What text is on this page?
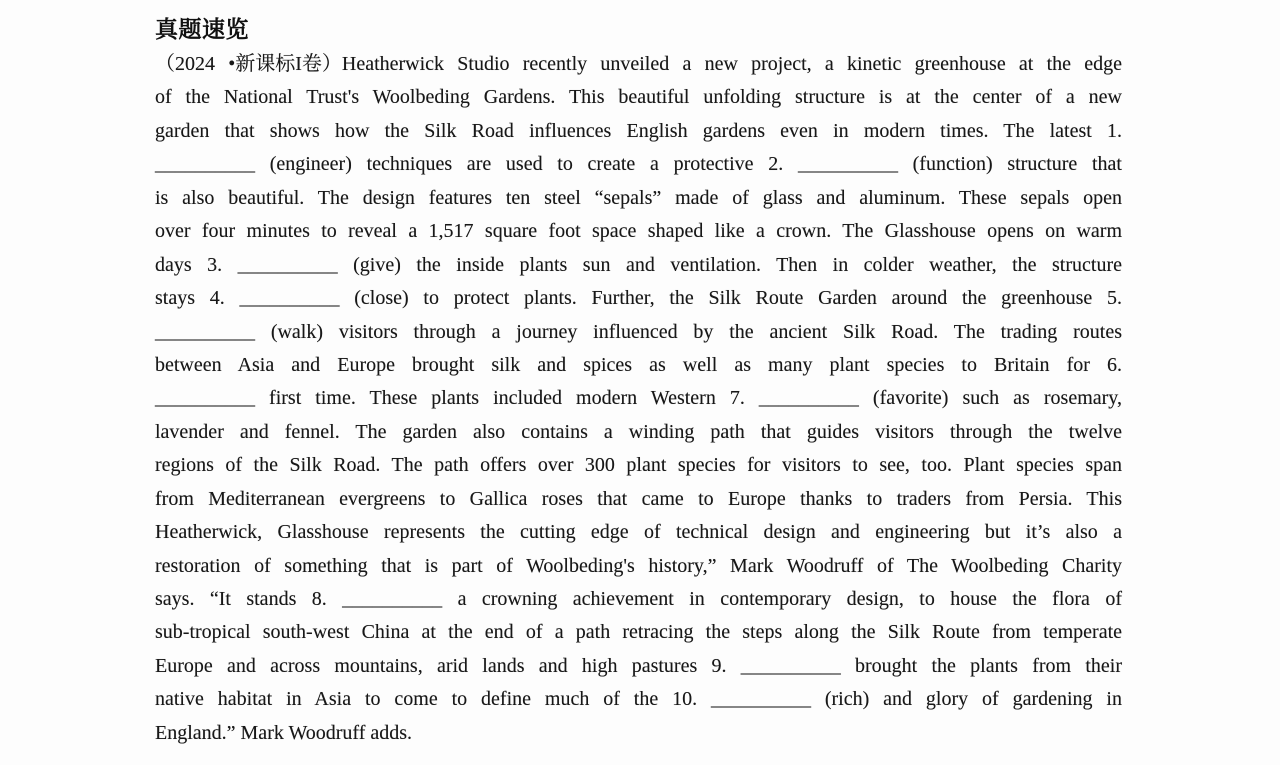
真题速览
（2024 •新课标I卷）Heatherwick Studio recently unveiled a new project, a kinetic greenhouse at the edge
of the National Trust's Woolbeding Gardens. This beautiful unfolding structure is at the center of a new
garden that shows how the Silk Road influences English gardens even in modern times. The latest 1.
__________ (engineer) techniques are used to create a protective 2. __________ (function) structure that
is also beautiful. The design features ten steel “sepals” made of glass and aluminum. These sepals open
over four minutes to reveal a 1,517 square foot space shaped like a crown. The Glasshouse opens on warm
days 3. __________ (give) the inside plants sun and ventilation. Then in colder weather, the structure
stays 4. __________ (close) to protect plants. Further, the Silk Route Garden around the greenhouse 5.
__________ (walk) visitors through a journey influenced by the ancient Silk Road. The trading routes
between Asia and Europe brought silk and spices as well as many plant species to Britain for 6.
__________ first time. These plants included modern Western 7. __________ (favorite) such as rosemary,
lavender and fennel. The garden also contains a winding path that guides visitors through the twelve
regions of the Silk Road. The path offers over 300 plant species for visitors to see, too. Plant species span
from Mediterranean evergreens to Gallica roses that came to Europe thanks to traders from Persia. This
Heatherwick, Glasshouse represents the cutting edge of technical design and engineering but it’s also a
restoration of something that is part of Woolbeding's history,” Mark Woodruff of The Woolbeding Charity
says. “It stands 8. __________ a crowning achievement in contemporary design, to house the flora of
sub-tropical south-west China at the end of a path retracing the steps along the Silk Route from temperate
Europe and across mountains, arid lands and high pastures 9. __________ brought the plants from their
native habitat in Asia to come to define much of the 10. __________ (rich) and glory of gardening in
England.” Mark Woodruff adds.
